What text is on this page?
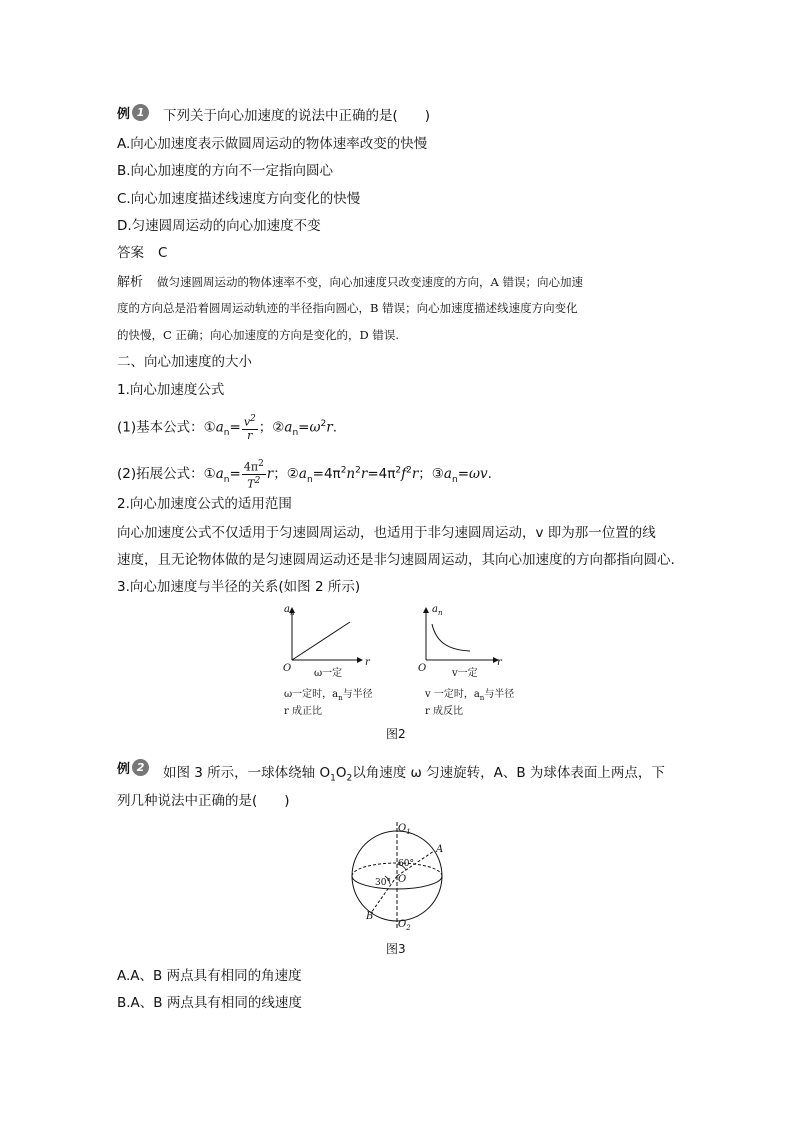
例 1	下列关于向心加速度的说法中正确的是(　　)
A.向心加速度表示做圆周运动的物体速率改变的快慢
B.向心加速度的方向不一定指向圆心
C.向心加速度描述线速度方向变化的快慢
D.匀速圆周运动的向心加速度不变
答案 C
解析 做匀速圆周运动的物体速率不变，向心加速度只改变速度的方向，A 错误；向心加速
度的方向总是沿着圆周运动轨迹的半径指向圆心，B 错误；向心加速度描述线速度方向变化
的快慢，C 正确；向心加速度的方向是变化的，D 错误.
二、向心加速度的大小
1.向心加速度公式
(1)基本公式：$①a_n= \frac{v^2}{r}$ ；$②a_n=\omega^2r$.
(2)拓展公式：$①a_n= \frac{4\pi^2}{T^2}$ r；$②a_n=4\pi^2n^2r=4\pi^2f^2r$；$③a_n=\omega v$.
2.向心加速度公式的适用范围
向心加速度公式不仅适用于匀速圆周运动，也适用于非匀速圆周运动，v 即为那一位置的线
速度，且无论物体做的是匀速圆周运动还是非匀速圆周运动，其向心加速度的方向都指向圆心.
3.向心加速度与半径的关系(如图 2 所示)
$a_n$
r
O ω一定
ω一定时，$a_n$与半径
r 成正比
$a_n$
r
O	v一定
v 一定时，$a_n$与半径
r 成反比
图2
例 2	如图 3 所示，一球体绕轴 $O_1O_2$以角速度 ω 匀速旋转，A、B 为球体表面上两点，下
列几种说法中正确的是(　　)
$O_1$
$O_2$
O
A
B
60°
30°
图3
A.A、B 两点具有相同的角速度
B.A、B 两点具有相同的线速度
